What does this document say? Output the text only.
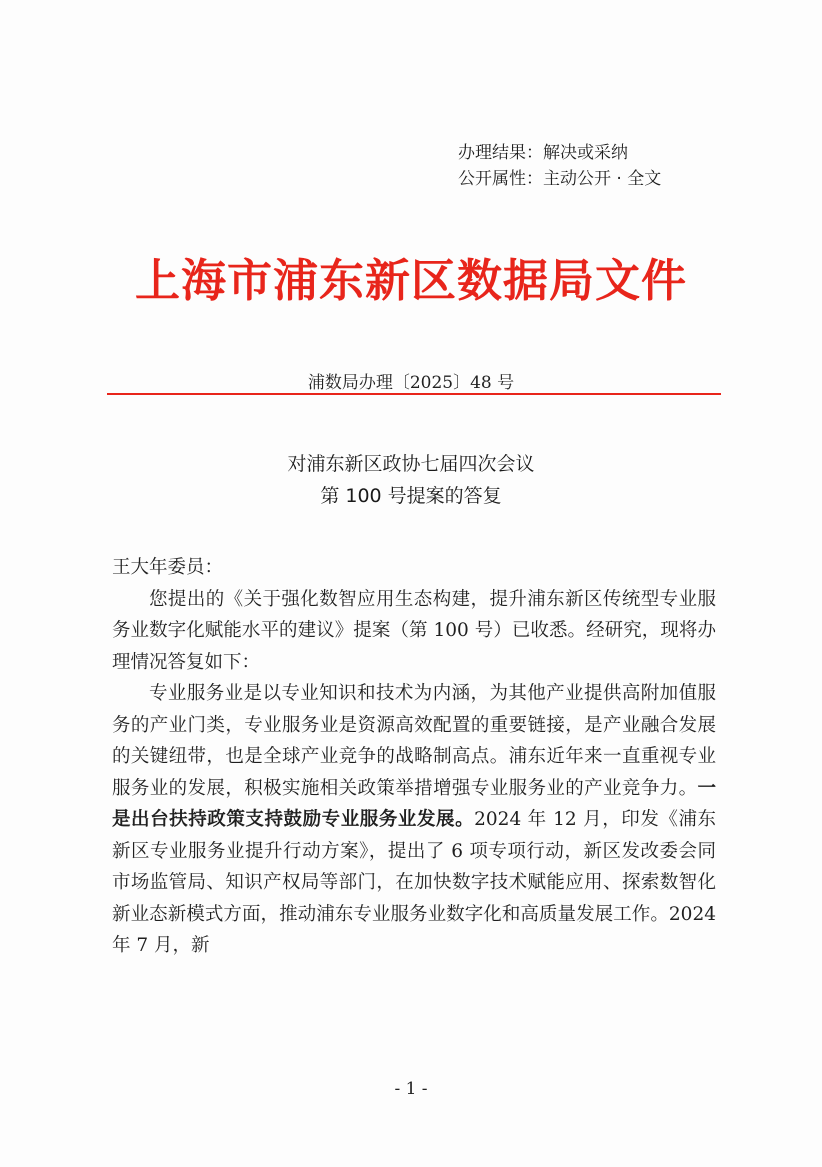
办理结果：解决或采纳
公开属性：主动公开 · 全文
上海市浦东新区数据局文件
浦数局办理〔2025〕48 号
对浦东新区政协七届四次会议
第 100 号提案的答复

王大年委员：

您提出的《关于强化数智应用生态构建，提升浦东新区传统型专业服务业数字化赋能水平的建议》提案（第 100 号）已收悉。经研究，现将办理情况答复如下：

专业服务业是以专业知识和技术为内涵，为其他产业提供高附加值服务的产业门类，专业服务业是资源高效配置的重要链接，是产业融合发展的关键纽带，也是全球产业竞争的战略制高点。浦东近年来一直重视专业服务业的发展，积极实施相关政策举措增强专业服务业的产业竞争力。一是出台扶持政策支持鼓励专业服务业发展。2024 年 12 月，印发《浦东新区专业服务业提升行动方案》，提出了 6 项专项行动，新区发改委会同市场监管局、知识产权局等部门，在加快数字技术赋能应用、探索数智化新业态新模式方面，推动浦东专业服务业数字化和高质量发展工作。2024 年 7 月，新

- 1 -
